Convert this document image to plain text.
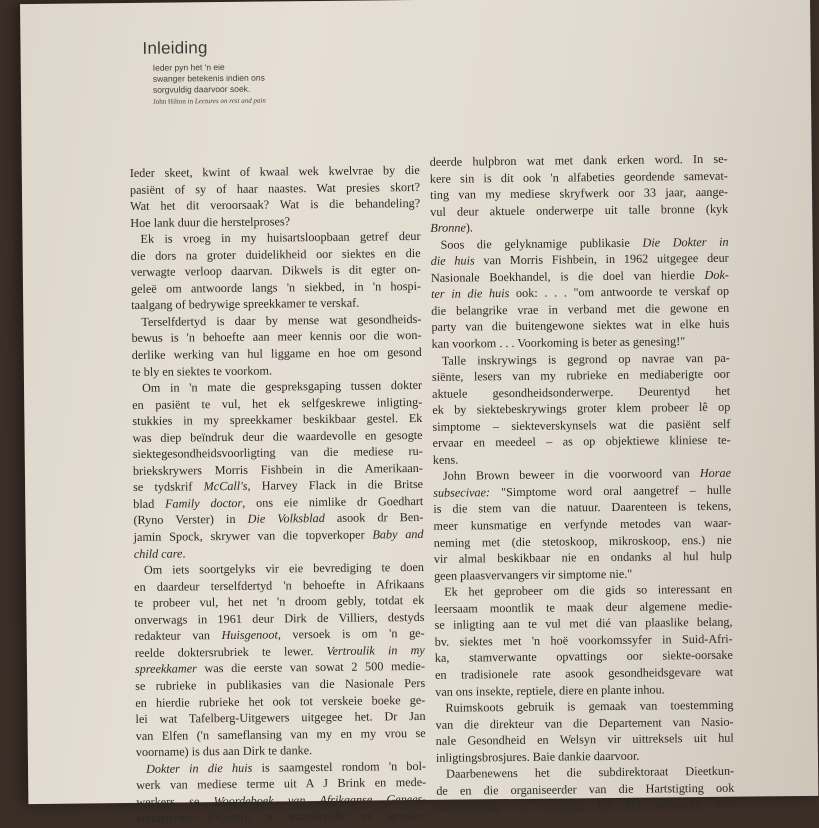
Inleiding
Ieder pyn het 'n eie
swanger betekenis indien ons
sorgvuldig daarvoor soek.
John Hilton in Lectures on rest and pain
Ieder skeet, kwint of kwaal wek kwelvrae by die
pasiënt of sy of haar naastes. Wat presies skort?
Wat het dit veroorsaak? Wat is die behandeling?
Hoe lank duur die herstelproses?
Ek is vroeg in my huisartsloopbaan getref deur
die dors na groter duidelikheid oor siektes en die
verwagte verloop daarvan. Dikwels is dit egter on-
geleë om antwoorde langs 'n siekbed, in 'n hospi-
taalgang of bedrywige spreekkamer te verskaf.
Terselfdertyd is daar by mense wat gesondheids-
bewus is 'n behoefte aan meer kennis oor die won-
derlike werking van hul liggame en hoe om gesond
te bly en siektes te voorkom.
Om in 'n mate die gespreksgaping tussen dokter
en pasiënt te vul, het ek selfgeskrewe inligting-
stukkies in my spreekkamer beskikbaar gestel. Ek
was diep beïndruk deur die waardevolle en gesogte
siektegesondheidsvoorligting van die mediese ru-
briekskrywers Morris Fishbein in die Amerikaan-
se tydskrif McCall's, Harvey Flack in die Britse
blad Family doctor, ons eie nimlike dr Goedhart
(Ryno Verster) in Die Volksblad asook dr Ben-
jamin Spock, skrywer van die topverkoper Baby and
child care.
Om iets soortgelyks vir eie bevrediging te doen
en daardeur terselfdertyd 'n behoefte in Afrikaans
te probeer vul, het net 'n droom gebly, totdat ek
onverwags in 1961 deur Dirk de Villiers, destyds
redakteur van Huisgenoot, versoek is om 'n ge-
reelde doktersrubriek te lewer. Vertroulik in my
spreekkamer was die eerste van sowat 2 500 medie-
se rubrieke in publikasies van die Nasionale Pers
en hierdie rubrieke het ook tot verskeie boeke ge-
lei wat Tafelberg-Uitgewers uitgegee het. Dr Jan
van Elfen ('n sameflansing van my en my vrou se
voorname) is dus aan Dirk te danke.
Dokter in die huis is saamgestel rondom 'n bol-
werk van mediese terme uit A J Brink en mede-
werkers se Woordeboek van Afrikaanse Genees-
kundeterme (Nasou), 'n waardevolle en gewaar-
deerde hulpbron wat met dank erken word. In se-
kere sin is dit ook 'n alfabeties geordende samevat-
ting van my mediese skryfwerk oor 33 jaar, aange-
vul deur aktuele onderwerpe uit talle bronne (kyk
Bronne).
Soos die gelyknamige publikasie Die Dokter in
die huis van Morris Fishbein, in 1962 uitgegee deur
Nasionale Boekhandel, is die doel van hierdie Dok-
ter in die huis ook: . . . "om antwoorde te verskaf op
die belangrike vrae in verband met die gewone en
party van die buitengewone siektes wat in elke huis
kan voorkom . . . Voorkoming is beter as genesing!"
Talle inskrywings is gegrond op navrae van pa-
siënte, lesers van my rubrieke en mediaberigte oor
aktuele gesondheidsonderwerpe. Deurentyd het
ek by siektebeskrywings groter klem probeer lê op
simptome – siekteverskynsels wat die pasiënt self
ervaar en meedeel – as op objektiewe kliniese te-
kens.
John Brown beweer in die voorwoord van Horae
subsecivae: "Simptome word oral aangetref – hulle
is die stem van die natuur. Daarenteen is tekens,
meer kunsmatige en verfynde metodes van waar-
neming met (die stetoskoop, mikroskoop, ens.) nie
vir almal beskikbaar nie en ondanks al hul hulp
geen plaasvervangers vir simptome nie."
Ek het geprobeer om die gids so interessant en
leersaam moontlik te maak deur algemene medie-
se inligting aan te vul met dié van plaaslike belang,
bv. siektes met 'n hoë voorkomssyfer in Suid-Afri-
ka, stamverwante opvattings oor siekte-oorsake
en tradisionele rate asook gesondheidsgevare wat
van ons insekte, reptiele, diere en plante inhou.
Ruimskoots gebruik is gemaak van toestemming
van die direkteur van die Departement van Nasio-
nale Gesondheid en Welsyn vir uittreksels uit hul
inligtingsbrosjures. Baie dankie daarvoor.
Daarbenewens het die subdirektoraat Dieetkun-
de en die organiseerder van die Hartstigting ook
toestemming vir inligting uit hul brosjures ver-
